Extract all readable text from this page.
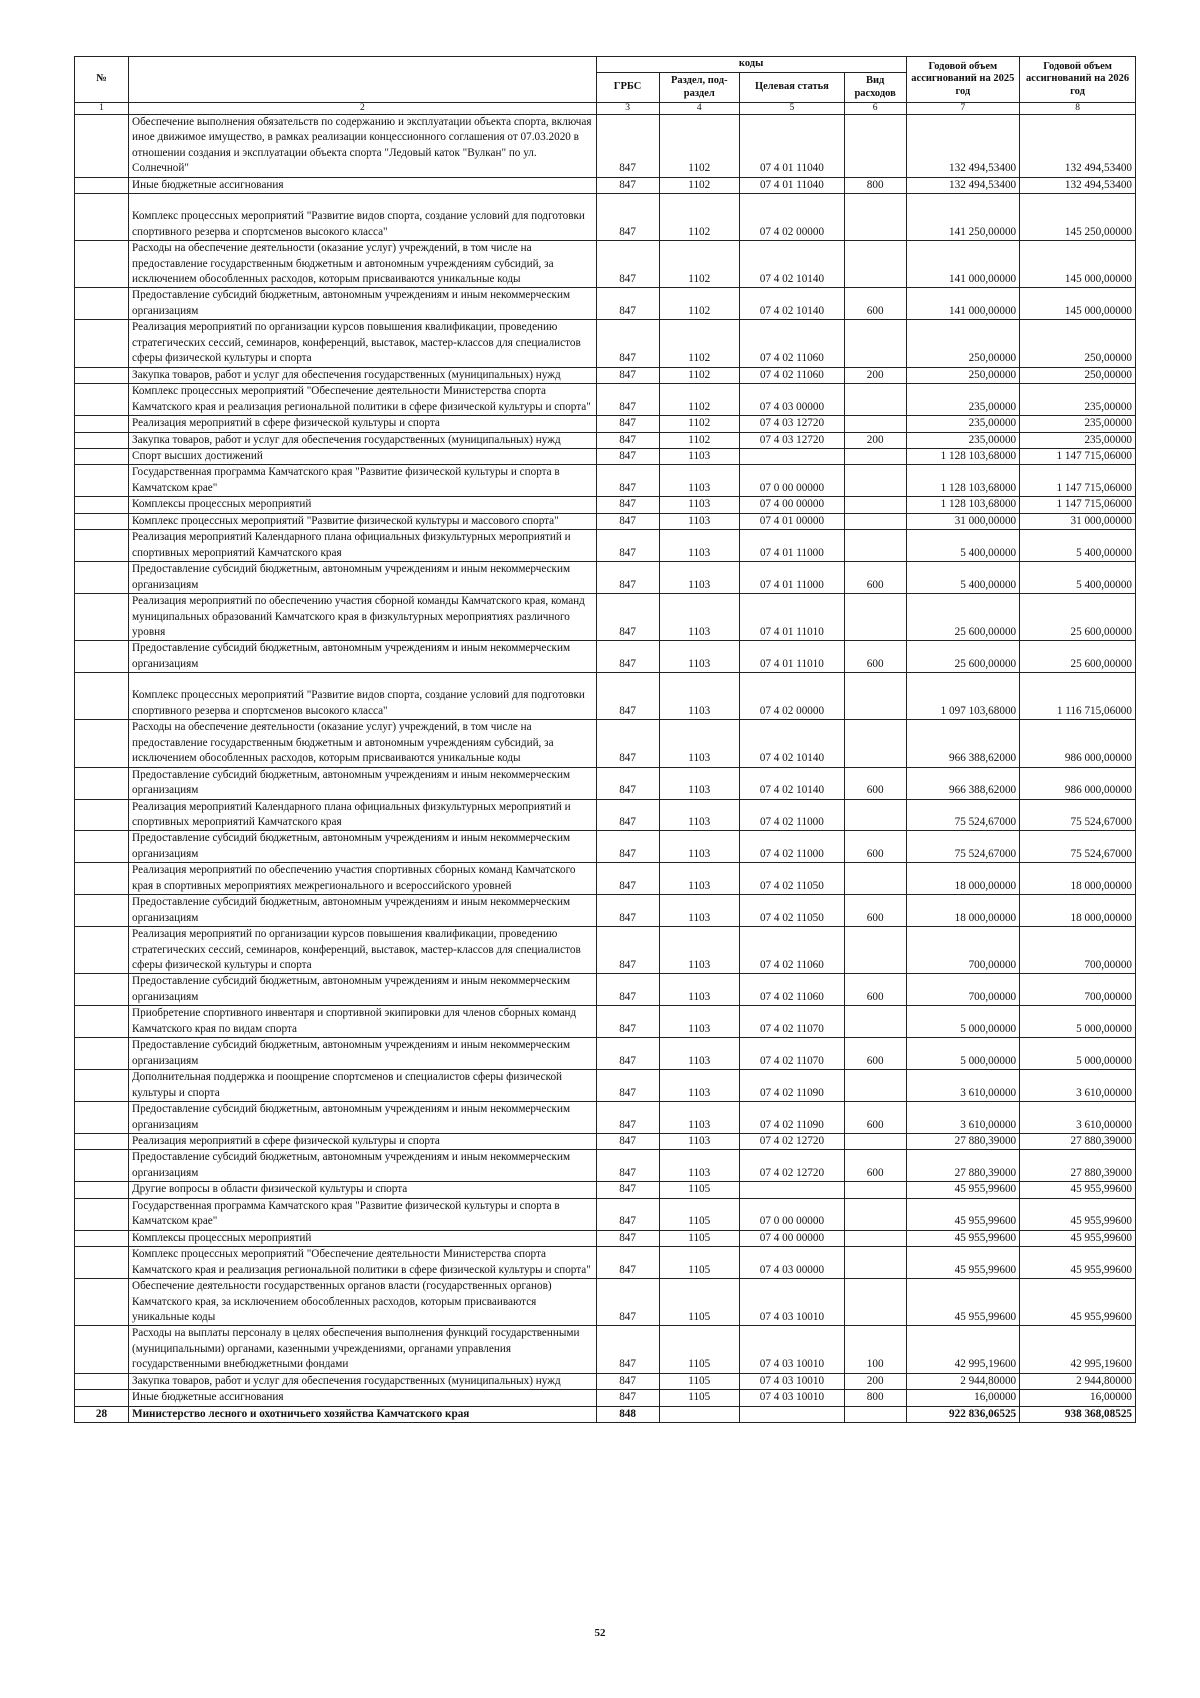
№		коды				Годовой объем ассигнований на 2025 год	Годовой объем ассигнований на 2026 год
		ГРБС	Раздел, под-раздел	Целевая статья	Вид расходов		
1	2	3	4	5	6	7	8
	Обеспечение выполнения обязательств по содержанию и эксплуатации объекта спорта, включая иное движимое имущество, в рамках реализации концессионного соглашения от 07.03.2020 в отношении создания и эксплуатации объекта спорта "Ледовый каток "Вулкан" по ул. Солнечной"	847	1102	07 4 01 11040		132 494,53400	132 494,53400
	Иные бюджетные ассигнования	847	1102	07 4 01 11040	800	132 494,53400	132 494,53400
	Комплекс процессных мероприятий "Развитие видов спорта, создание условий для подготовки спортивного резерва и спортсменов высокого класса"	847	1102	07 4 02 00000		141 250,00000	145 250,00000
	Расходы на обеспечение деятельности (оказание услуг) учреждений, в том числе на предоставление государственным бюджетным и автономным учреждениям субсидий, за исключением обособленных расходов, которым присваиваются уникальные коды	847	1102	07 4 02 10140		141 000,00000	145 000,00000
	Предоставление субсидий бюджетным, автономным учреждениям и иным некоммерческим организациям	847	1102	07 4 02 10140	600	141 000,00000	145 000,00000
	Реализация мероприятий по организации курсов повышения квалификации, проведению стратегических сессий, семинаров, конференций, выставок, мастер-классов для специалистов сферы физической культуры и спорта	847	1102	07 4 02 11060		250,00000	250,00000
	Закупка товаров, работ и услуг для обеспечения государственных (муниципальных) нужд	847	1102	07 4 02 11060	200	250,00000	250,00000
	Комплекс процессных мероприятий "Обеспечение деятельности Министерства спорта Камчатского края и реализация региональной политики в сфере физической культуры и спорта"	847	1102	07 4 03 00000		235,00000	235,00000
	Реализация мероприятий в сфере физической культуры и спорта	847	1102	07 4 03 12720		235,00000	235,00000
	Закупка товаров, работ и услуг для обеспечения государственных (муниципальных) нужд	847	1102	07 4 03 12720	200	235,00000	235,00000
	Спорт высших достижений	847	1103			1 128 103,68000	1 147 715,06000
	Государственная программа Камчатского края "Развитие физической культуры и спорта в Камчатском крае"	847	1103	07 0 00 00000		1 128 103,68000	1 147 715,06000
	Комплексы процессных мероприятий	847	1103	07 4 00 00000		1 128 103,68000	1 147 715,06000
	Комплекс процессных мероприятий "Развитие физической культуры и массового спорта"	847	1103	07 4 01 00000		31 000,00000	31 000,00000
	Реализация мероприятий Календарного плана официальных физкультурных мероприятий и спортивных мероприятий Камчатского края	847	1103	07 4 01 11000		5 400,00000	5 400,00000
	Предоставление субсидий бюджетным, автономным учреждениям и иным некоммерческим организациям	847	1103	07 4 01 11000	600	5 400,00000	5 400,00000
	Реализация мероприятий по обеспечению участия сборной команды Камчатского края, команд муниципальных образований Камчатского края в физкультурных мероприятиях различного уровня	847	1103	07 4 01 11010		25 600,00000	25 600,00000
	Предоставление субсидий бюджетным, автономным учреждениям и иным некоммерческим организациям	847	1103	07 4 01 11010	600	25 600,00000	25 600,00000
	Комплекс процессных мероприятий "Развитие видов спорта, создание условий для подготовки спортивного резерва и спортсменов высокого класса"	847	1103	07 4 02 00000		1 097 103,68000	1 116 715,06000
	Расходы на обеспечение деятельности (оказание услуг) учреждений, в том числе на предоставление государственным бюджетным и автономным учреждениям субсидий, за исключением обособленных расходов, которым присваиваются уникальные коды	847	1103	07 4 02 10140		966 388,62000	986 000,00000
	Предоставление субсидий бюджетным, автономным учреждениям и иным некоммерческим организациям	847	1103	07 4 02 10140	600	966 388,62000	986 000,00000
	Реализация мероприятий Календарного плана официальных физкультурных мероприятий и спортивных мероприятий Камчатского края	847	1103	07 4 02 11000		75 524,67000	75 524,67000
	Предоставление субсидий бюджетным, автономным учреждениям и иным некоммерческим организациям	847	1103	07 4 02 11000	600	75 524,67000	75 524,67000
	Реализация мероприятий по обеспечению участия спортивных сборных команд Камчатского края в спортивных мероприятиях межрегионального и всероссийского уровней	847	1103	07 4 02 11050		18 000,00000	18 000,00000
	Предоставление субсидий бюджетным, автономным учреждениям и иным некоммерческим организациям	847	1103	07 4 02 11050	600	18 000,00000	18 000,00000
	Реализация мероприятий по организации курсов повышения квалификации, проведению стратегических сессий, семинаров, конференций, выставок, мастер-классов для специалистов сферы физической культуры и спорта	847	1103	07 4 02 11060		700,00000	700,00000
	Предоставление субсидий бюджетным, автономным учреждениям и иным некоммерческим организациям	847	1103	07 4 02 11060	600	700,00000	700,00000
	Приобретение спортивного инвентаря и спортивной экипировки для членов сборных команд Камчатского края по видам спорта	847	1103	07 4 02 11070		5 000,00000	5 000,00000
	Предоставление субсидий бюджетным, автономным учреждениям и иным некоммерческим организациям	847	1103	07 4 02 11070	600	5 000,00000	5 000,00000
	Дополнительная поддержка и поощрение спортсменов и специалистов сферы физической культуры и спорта	847	1103	07 4 02 11090		3 610,00000	3 610,00000
	Предоставление субсидий бюджетным, автономным учреждениям и иным некоммерческим организациям	847	1103	07 4 02 11090	600	3 610,00000	3 610,00000
	Реализация мероприятий в сфере физической культуры и спорта	847	1103	07 4 02 12720		27 880,39000	27 880,39000
	Предоставление субсидий бюджетным, автономным учреждениям и иным некоммерческим организациям	847	1103	07 4 02 12720	600	27 880,39000	27 880,39000
	Другие вопросы в области физической культуры и спорта	847	1105			45 955,99600	45 955,99600
	Государственная программа Камчатского края "Развитие физической культуры и спорта в Камчатском крае"	847	1105	07 0 00 00000		45 955,99600	45 955,99600
	Комплексы процессных мероприятий	847	1105	07 4 00 00000		45 955,99600	45 955,99600
	Комплекс процессных мероприятий "Обеспечение деятельности Министерства спорта Камчатского края и реализация региональной политики в сфере физической культуры и спорта"	847	1105	07 4 03 00000		45 955,99600	45 955,99600
	Обеспечение деятельности государственных органов власти (государственных органов) Камчатского края, за исключением обособленных расходов, которым присваиваются уникальные коды	847	1105	07 4 03 10010		45 955,99600	45 955,99600
	Расходы на выплаты персоналу в целях обеспечения выполнения функций государственными (муниципальными) органами, казенными учреждениями, органами управления государственными внебюджетными фондами	847	1105	07 4 03 10010	100	42 995,19600	42 995,19600
	Закупка товаров, работ и услуг для обеспечения государственных (муниципальных) нужд	847	1105	07 4 03 10010	200	2 944,80000	2 944,80000
	Иные бюджетные ассигнования	847	1105	07 4 03 10010	800	16,00000	16,00000
28	Министерство лесного и охотничьего хозяйства Камчатского края	848				922 836,06525	938 368,08525
52
